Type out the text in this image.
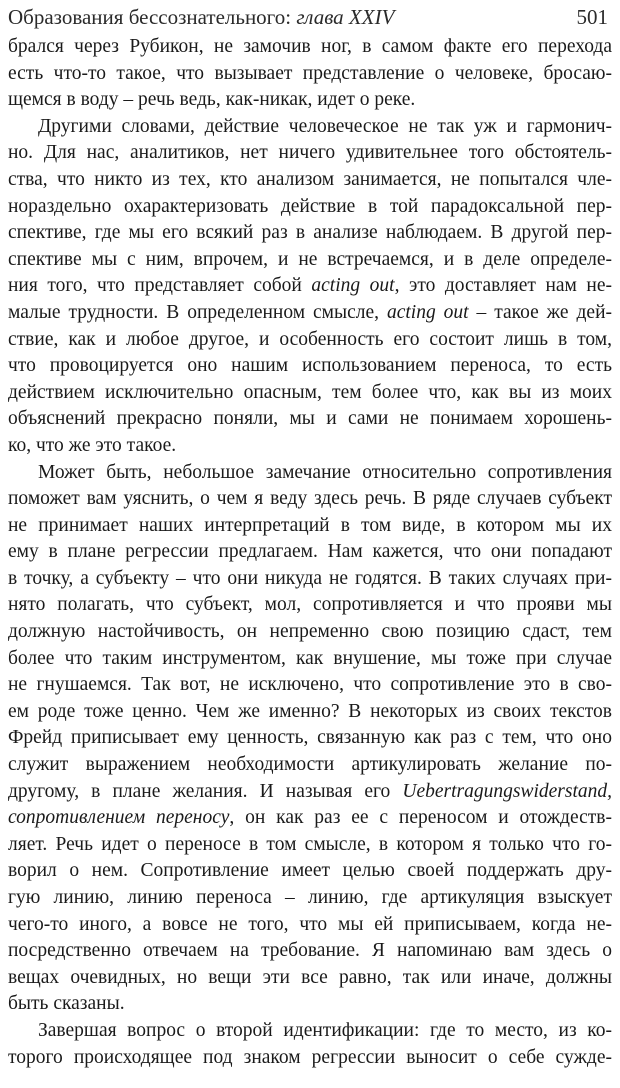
Образования бессознательного: глава XXIV	501
брался через Рубикон, не замочив ног, в самом факте его перехода
есть что-то такое, что вызывает представление о человеке, бросаю-
щемся в воду – речь ведь, как-никак, идет о реке.
Другими словами, действие человеческое не так уж и гармонич-
но. Для нас, аналитиков, нет ничего удивительнее того обстоятель-
ства, что никто из тех, кто анализом занимается, не попытался чле-
нораздельно охарактеризовать действие в той парадоксальной пер-
спективе, где мы его всякий раз в анализе наблюдаем. В другой пер-
спективе мы с ним, впрочем, и не встречаемся, и в деле определе-
ния того, что представляет собой acting out, это доставляет нам не-
малые трудности. В определенном смысле, acting out – такое же дей-
ствие, как и любое другое, и особенность его состоит лишь в том,
что провоцируется оно нашим использованием переноса, то есть
действием исключительно опасным, тем более что, как вы из моих
объяснений прекрасно поняли, мы и сами не понимаем хорошень-
ко, что же это такое.
Может быть, небольшое замечание относительно сопротивления
поможет вам уяснить, о чем я веду здесь речь. В ряде случаев субъект
не принимает наших интерпретаций в том виде, в котором мы их
ему в плане регрессии предлагаем. Нам кажется, что они попадают
в точку, а субъекту – что они никуда не годятся. В таких случаях при-
нято полагать, что субъект, мол, сопротивляется и что прояви мы
должную настойчивость, он непременно свою позицию сдаст, тем
более что таким инструментом, как внушение, мы тоже при случае
не гнушаемся. Так вот, не исключено, что сопротивление это в сво-
ем роде тоже ценно. Чем же именно? В некоторых из своих текстов
Фрейд приписывает ему ценность, связанную как раз с тем, что оно
служит выражением необходимости артикулировать желание по-
другому, в плане желания. И называя его Uebertragungswiderstand,
сопротивлением переносу, он как раз ее с переносом и отождеств-
ляет. Речь идет о переносе в том смысле, в котором я только что го-
ворил о нем. Сопротивление имеет целью своей поддержать дру-
гую линию, линию переноса – линию, где артикуляция взыскует
чего-то иного, а вовсе не того, что мы ей приписываем, когда не-
посредственно отвечаем на требование. Я напоминаю вам здесь о
вещах очевидных, но вещи эти все равно, так или иначе, должны
быть сказаны.
Завершая вопрос о второй идентификации: где то место, из ко-
торого происходящее под знаком регрессии выносит о себе сужде-
